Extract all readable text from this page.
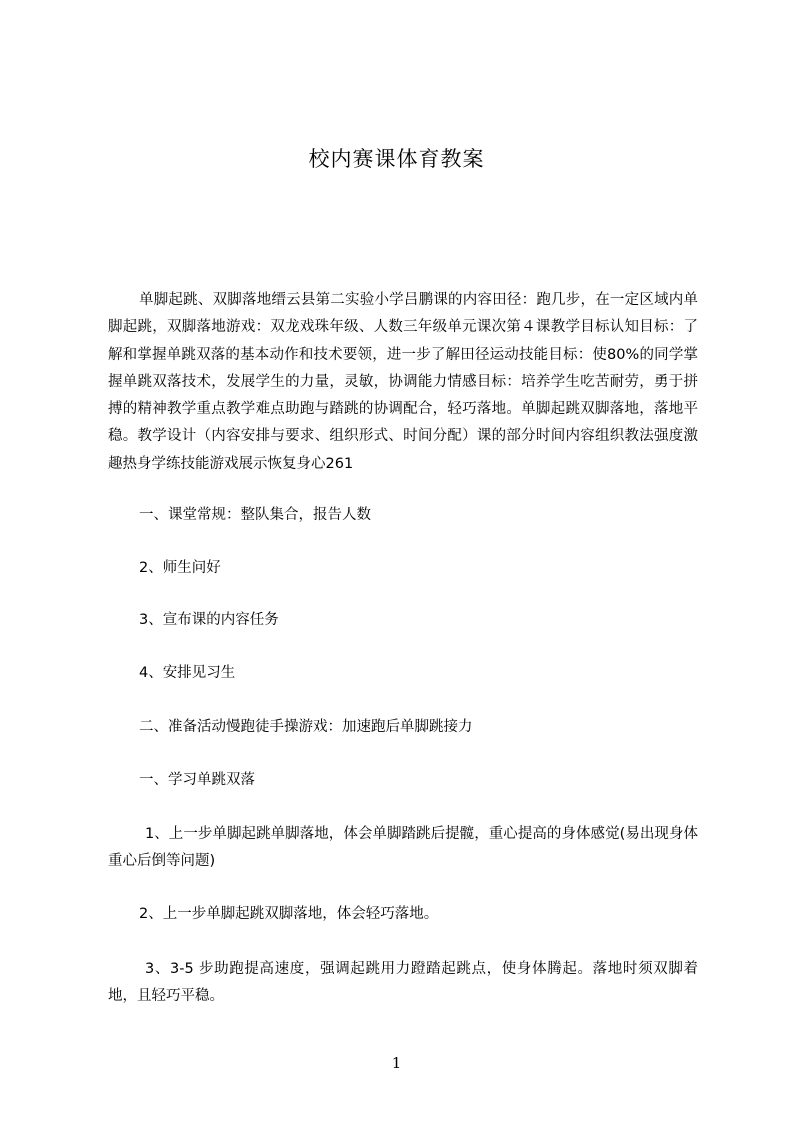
校内赛课体育教案
单脚起跳、双脚落地缙云县第二实验小学吕鹏课的内容田径：跑几步，在一定区域内单脚起跳，双脚落地游戏：双龙戏珠年级、人数三年级单元课次第４课教学目标认知目标：了解和掌握单跳双落的基本动作和技术要领，进一步了解田径运动技能目标：使80%的同学掌握单跳双落技术，发展学生的力量，灵敏，协调能力情感目标：培养学生吃苦耐劳，勇于拼搏的精神教学重点教学难点助跑与踏跳的协调配合，轻巧落地。单脚起跳双脚落地，落地平稳。教学设计（内容安排与要求、组织形式、时间分配）课的部分时间内容组织教法强度激趣热身学练技能游戏展示恢复身心261
一、课堂常规：整队集合，报告人数
2、师生问好
3、宣布课的内容任务
4、安排见习生
二、准备活动慢跑徒手操游戏：加速跑后单脚跳接力
一、学习单跳双落
1、上一步单脚起跳单脚落地，体会单脚踏跳后提髋，重心提高的身体感觉(易出现身体重心后倒等问题)
2、上一步单脚起跳双脚落地，体会轻巧落地。
3、3-5 步助跑提高速度，强调起跳用力蹬踏起跳点，使身体腾起。落地时须双脚着地，且轻巧平稳。
1
